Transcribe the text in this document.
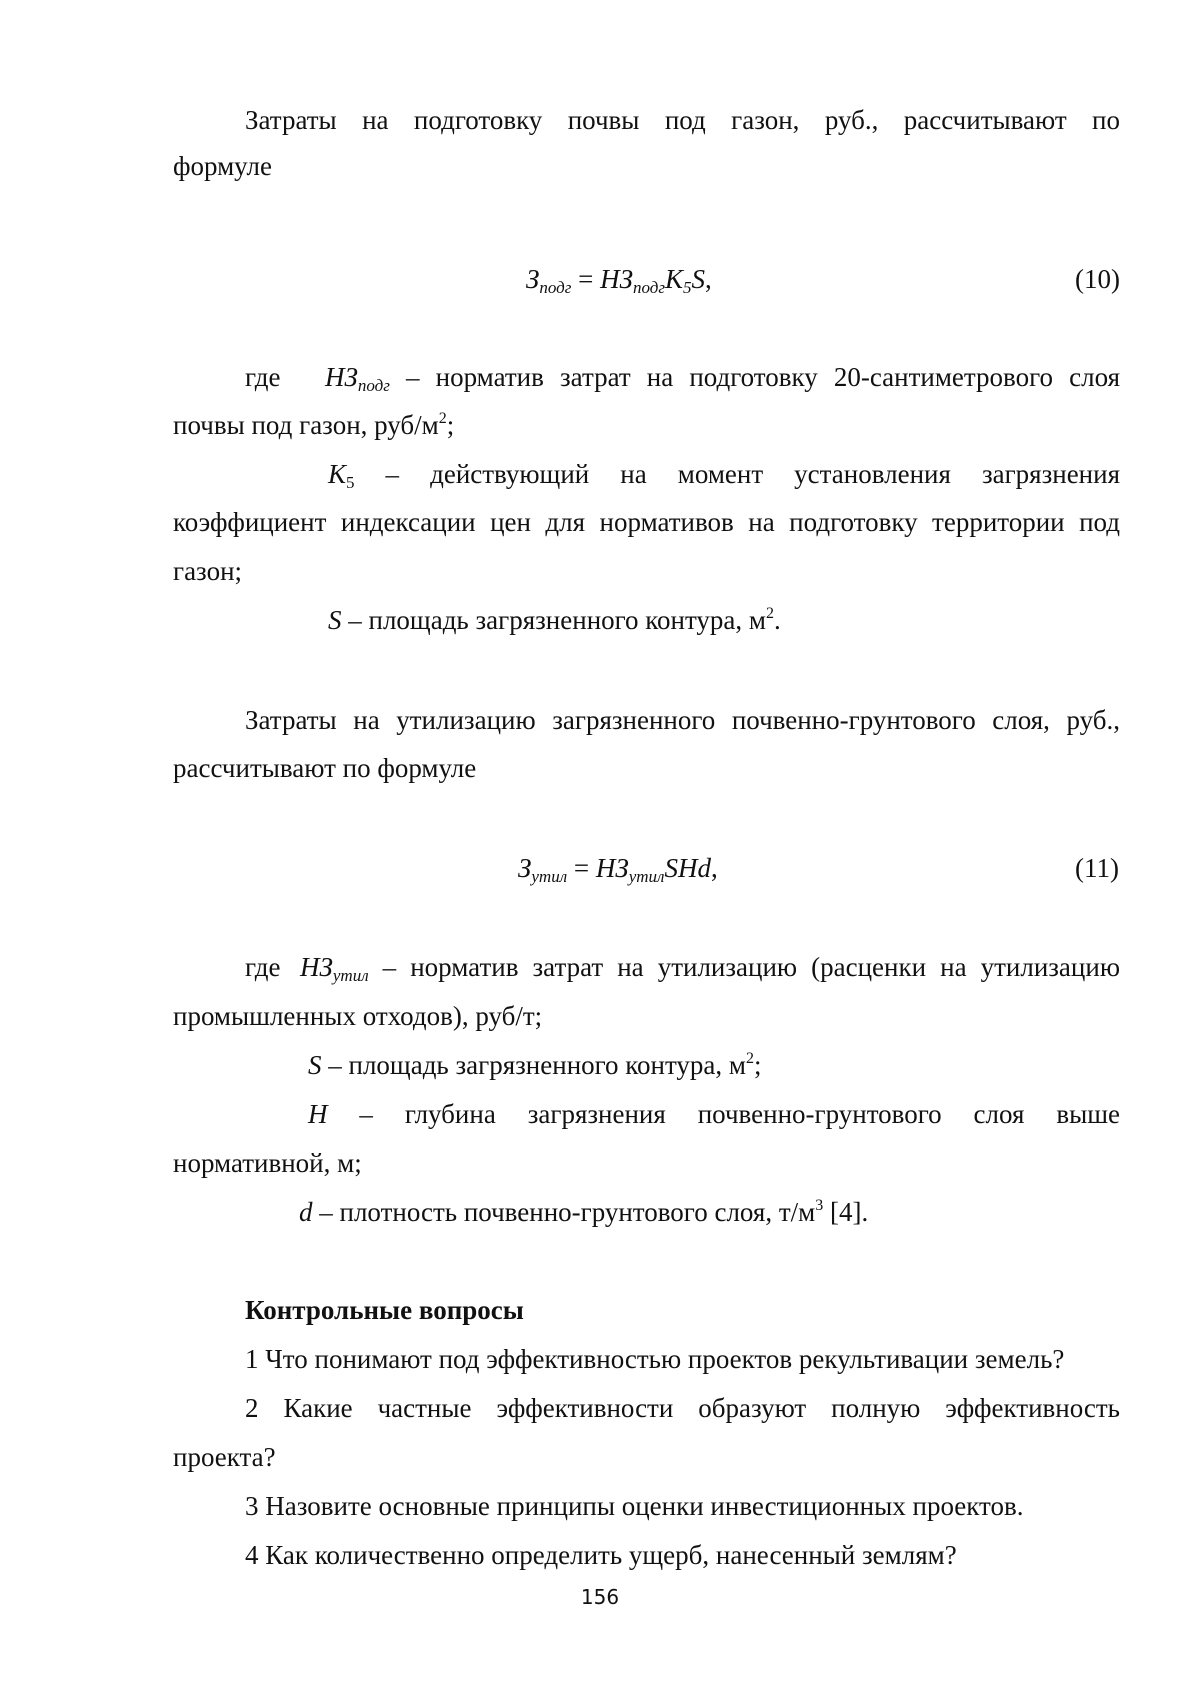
Затраты на подготовку почвы под газон, руб., рассчитывают по
формуле
$З_{подг} = НЗ_{подг}K_5S$,	(10)
где $НЗ_{подг}$ – норматив затрат на подготовку 20-сантиметрового слоя
почвы под газон, руб/$м^2$;
$K_5$ – действующий на момент установления загрязнения
коэффициент индексации цен для нормативов на подготовку территории под
газон;
S – площадь загрязненного контура, $м^2$.
Затраты на утилизацию загрязненного почвенно-грунтового слоя, руб.,
рассчитывают по формуле
$З_{утил} = НЗ_{утил}SHd$,	(11)
где $НЗ_{утил}$ – норматив затрат на утилизацию (расценки на утилизацию
промышленных отходов), руб/т;
S – площадь загрязненного контура, $м^2$;
H – глубина загрязнения почвенно-грунтового слоя выше
нормативной, м;
d – плотность почвенно-грунтового слоя, $т/м^3$ [4].
Контрольные вопросы
1 Что понимают под эффективностью проектов рекультивации земель?
2 Какие частные эффективности образуют полную эффективность
проекта?
3 Назовите основные принципы оценки инвестиционных проектов.
4 Как количественно определить ущерб, нанесенный землям?
156
